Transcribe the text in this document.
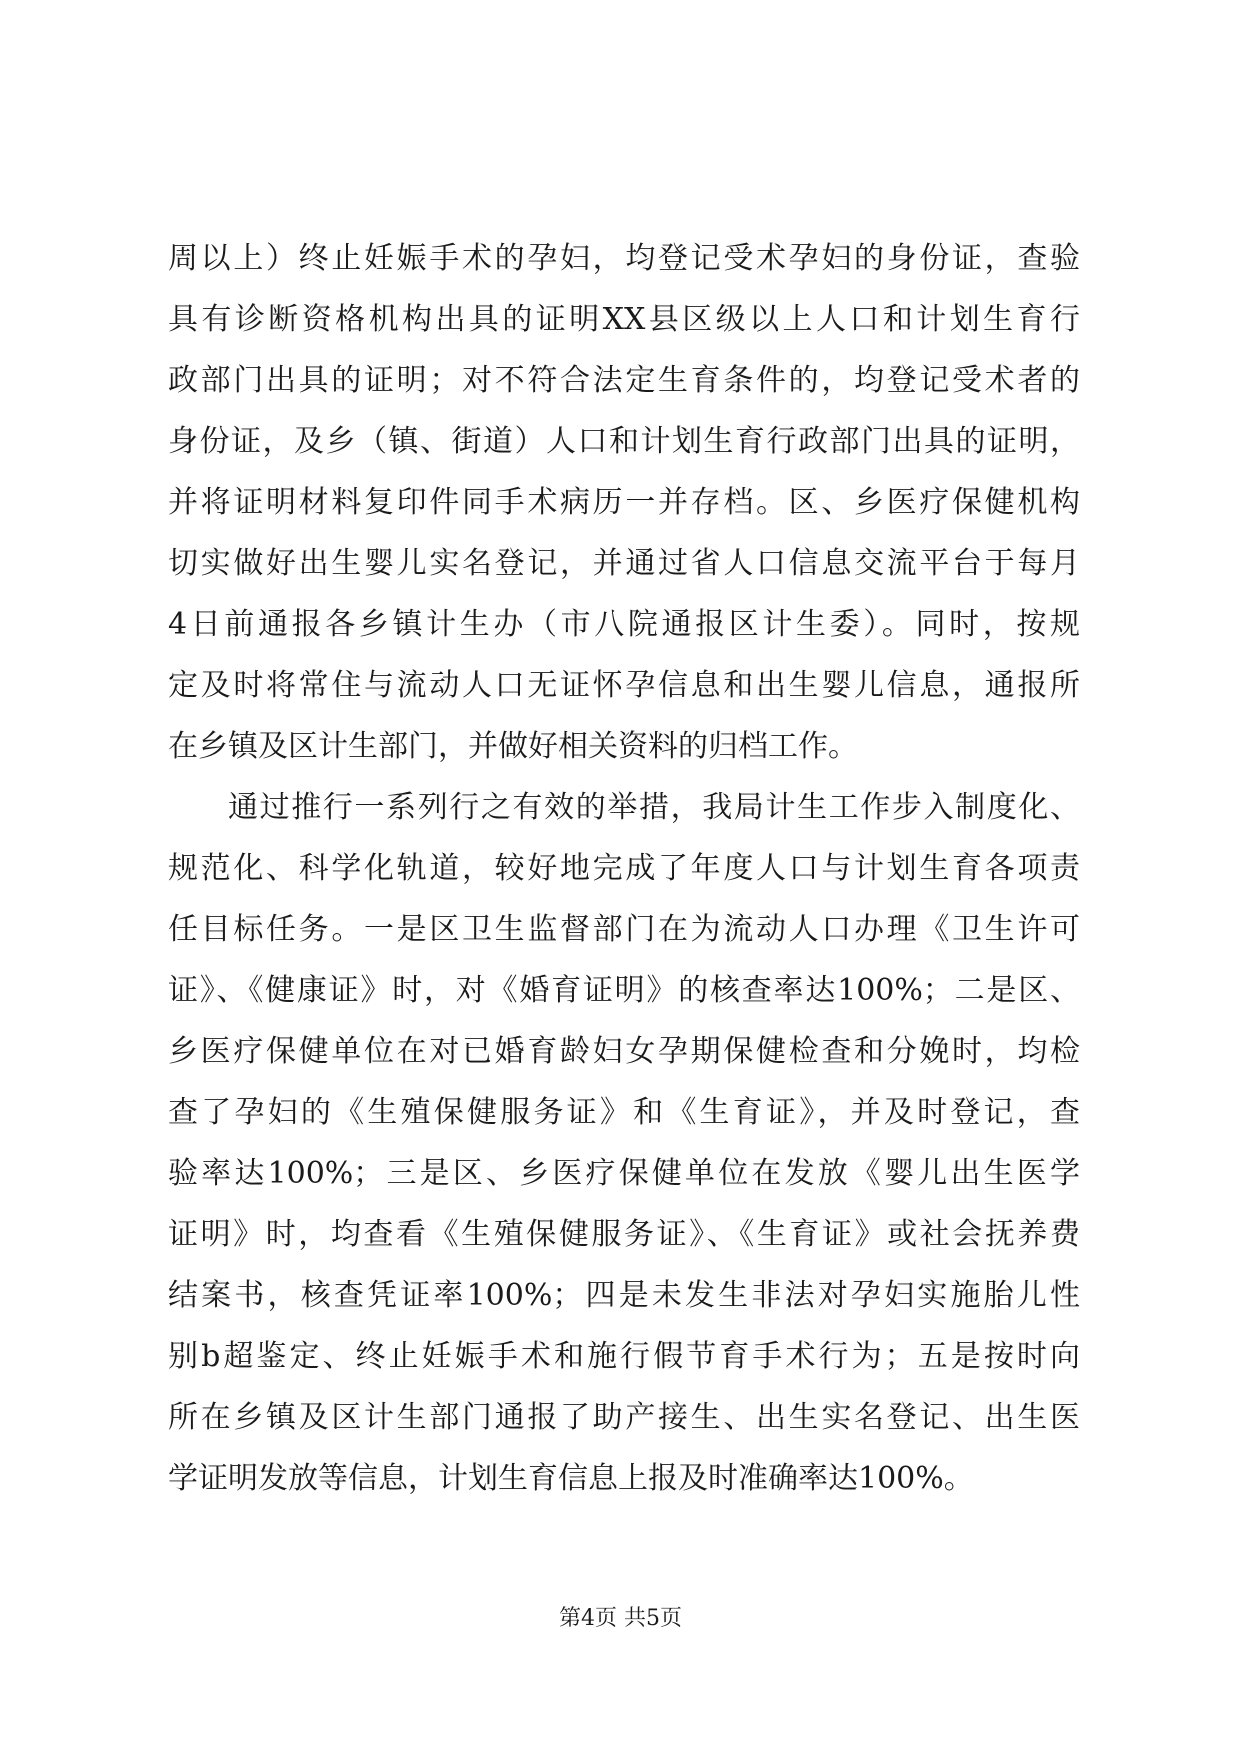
周以上）终止妊娠手术的孕妇，均登记受术孕妇的身份证，查验
具有诊断资格机构出具的证明XX县区级以上人口和计划生育行
政部门出具的证明；对不符合法定生育条件的，均登记受术者的
身份证，及乡（镇、街道）人口和计划生育行政部门出具的证明，
并将证明材料复印件同手术病历一并存档。区、乡医疗保健机构
切实做好出生婴儿实名登记，并通过省人口信息交流平台于每月
4日前通报各乡镇计生办（市八院通报区计生委）。同时，按规
定及时将常住与流动人口无证怀孕信息和出生婴儿信息，通报所
在乡镇及区计生部门，并做好相关资料的归档工作。
通过推行一系列行之有效的举措，我局计生工作步入制度化、
规范化、科学化轨道，较好地完成了年度人口与计划生育各项责
任目标任务。一是区卫生监督部门在为流动人口办理《卫生许可
证》、《健康证》时，对《婚育证明》的核查率达100%；二是区、
乡医疗保健单位在对已婚育龄妇女孕期保健检查和分娩时，均检
查了孕妇的《生殖保健服务证》和《生育证》，并及时登记，查
验率达100%；三是区、乡医疗保健单位在发放《婴儿出生医学
证明》时，均查看《生殖保健服务证》、《生育证》或社会抚养费
结案书，核查凭证率100%；四是未发生非法对孕妇实施胎儿性
别b超鉴定、终止妊娠手术和施行假节育手术行为；五是按时向
所在乡镇及区计生部门通报了助产接生、出生实名登记、出生医
学证明发放等信息，计划生育信息上报及时准确率达100%。
第4页 共5页
